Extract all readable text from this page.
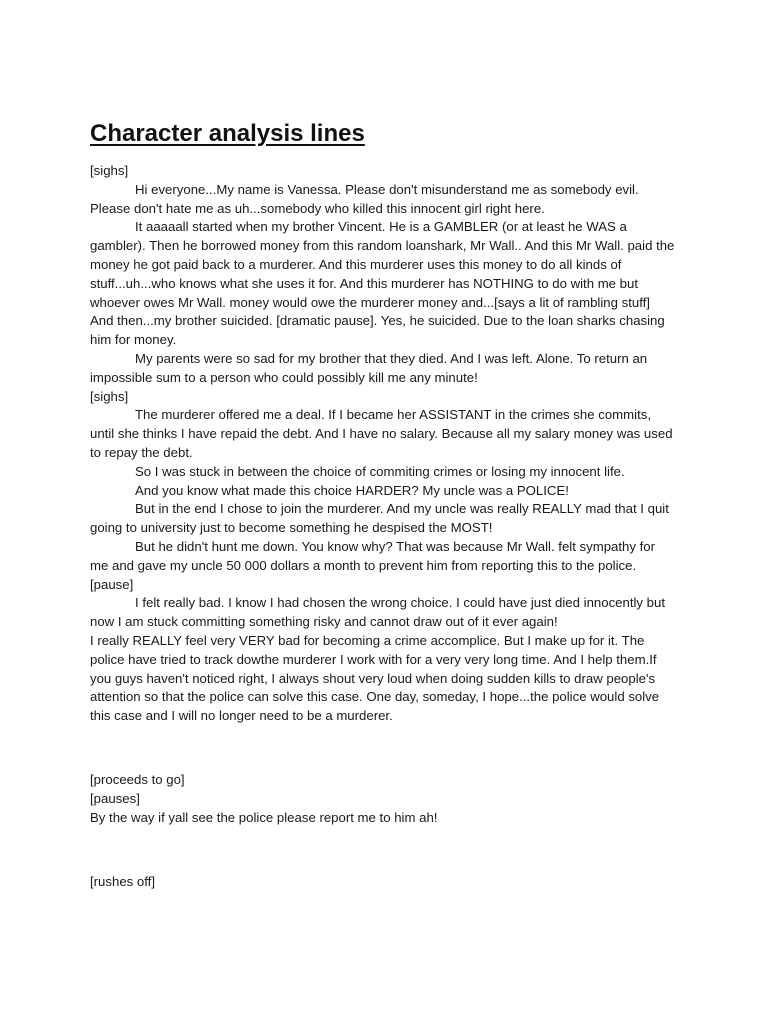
Character analysis lines

[sighs]

Hi everyone...My name is Vanessa. Please don't misunderstand me as somebody evil. Please don't hate me as uh...somebody who killed this innocent girl right here.

It aaaaall started when my brother Vincent. He is a GAMBLER (or at least he WAS a gambler). Then he borrowed money from this random loanshark, Mr Wall.. And this Mr Wall. paid the money he got paid back to a murderer. And this murderer uses this money to do all kinds of stuff...uh...who knows what she uses it for. And this murderer has NOTHING to do with me but whoever owes Mr Wall. money would owe the murderer money and...[says a lit of rambling stuff] And then...my brother suicided. [dramatic pause]. Yes, he suicided. Due to the loan sharks chasing him for money.

My parents were so sad for my brother that they died. And I was left. Alone. To return an impossible sum to a person who could possibly kill me any minute!

[sighs]

The murderer offered me a deal. If I became her ASSISTANT in the crimes she commits, until she thinks I have repaid the debt. And I have no salary. Because all my salary money was used to repay the debt.

So I was stuck in between the choice of commiting crimes or losing my innocent life.

And you know what made this choice HARDER? My uncle was a POLICE!

But in the end I chose to join the murderer. And my uncle was really REALLY mad that I quit going to university just to become something he despised the MOST!

But he didn't hunt me down. You know why? That was because Mr Wall. felt sympathy for me and gave my uncle 50 000 dollars a month to prevent him from reporting this to the police.

[pause]

I felt really bad. I know I had chosen the wrong choice. I could have just died innocently but now I am stuck committing something risky and cannot draw out of it ever again!

I really REALLY feel very VERY bad for becoming a crime accomplice. But I make up for it. The police have tried to track dowthe murderer I work with for a very very long time. And I help them.If you guys haven't noticed right, I always shout very loud when doing sudden kills to draw people's attention so that the police can solve this case. One day, someday, I hope...the police would solve this case and I will no longer need to be a murderer.

[proceeds to go]

[pauses]

By the way if yall see the police please report me to him ah!

[rushes off]
